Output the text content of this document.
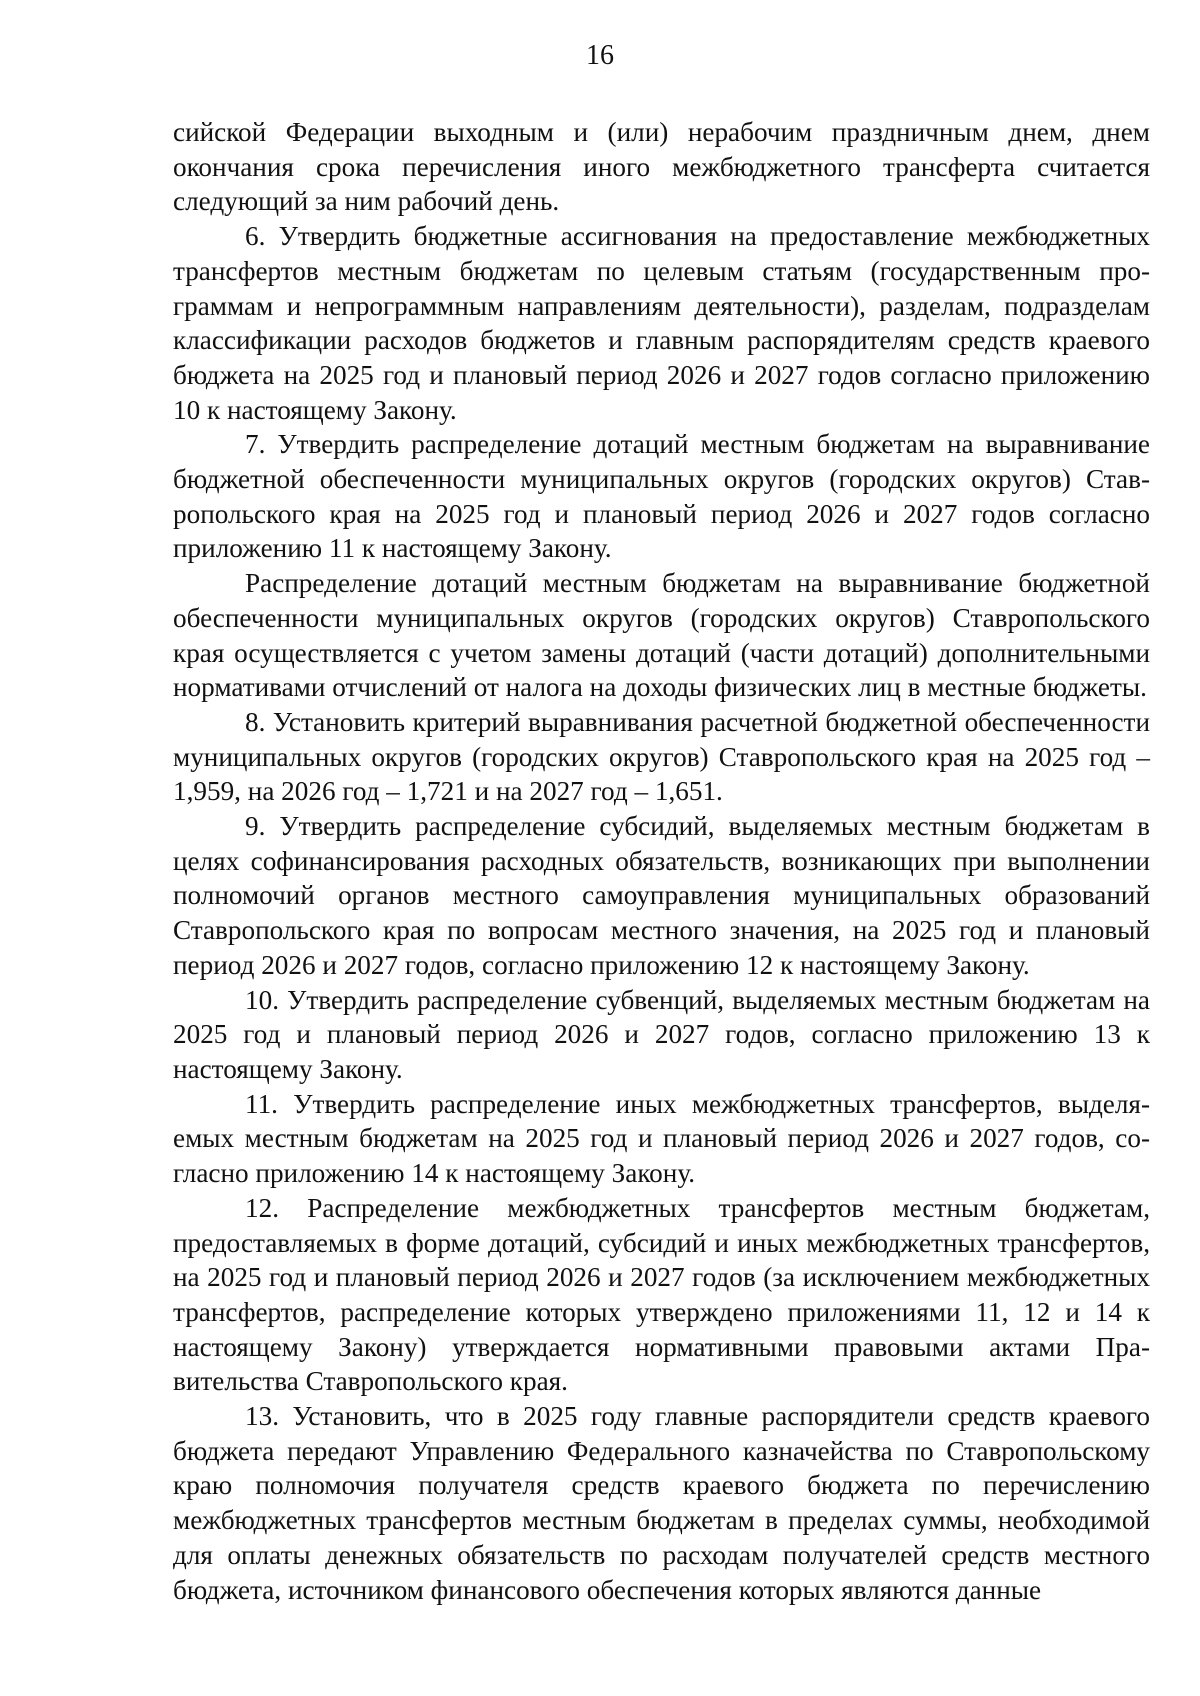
16

сийской Федерации выходным и (или) нерабочим праздничным днем, днем окончания срока перечисления иного межбюджетного трансферта считается следующий за ним рабочий день.

6. Утвердить бюджетные ассигнования на предоставление межбюджетных трансфертов местным бюджетам по целевым статьям (государственным программам и непрограммным направлениям деятельности), разделам, подразделам классификации расходов бюджетов и главным распорядителям средств краевого бюджета на 2025 год и плановый период 2026 и 2027 годов согласно приложению 10 к настоящему Закону.

7. Утвердить распределение дотаций местным бюджетам на выравнивание бюджетной обеспеченности муниципальных округов (городских округов) Ставропольского края на 2025 год и плановый период 2026 и 2027 годов согласно приложению 11 к настоящему Закону.

Распределение дотаций местным бюджетам на выравнивание бюджетной обеспеченности муниципальных округов (городских округов) Ставропольского края осуществляется с учетом замены дотаций (части дотаций) дополнительными нормативами отчислений от налога на доходы физических лиц в местные бюджеты.

8. Установить критерий выравнивания расчетной бюджетной обеспеченности муниципальных округов (городских округов) Ставропольского края на 2025 год – 1,959, на 2026 год – 1,721 и на 2027 год – 1,651.

9. Утвердить распределение субсидий, выделяемых местным бюджетам в целях софинансирования расходных обязательств, возникающих при выполнении полномочий органов местного самоуправления муниципальных образований Ставропольского края по вопросам местного значения, на 2025 год и плановый период 2026 и 2027 годов, согласно приложению 12 к настоящему Закону.

10. Утвердить распределение субвенций, выделяемых местным бюджетам на 2025 год и плановый период 2026 и 2027 годов, согласно приложению 13 к настоящему Закону.

11. Утвердить распределение иных межбюджетных трансфертов, выделяемых местным бюджетам на 2025 год и плановый период 2026 и 2027 годов, согласно приложению 14 к настоящему Закону.

12. Распределение межбюджетных трансфертов местным бюджетам, предоставляемых в форме дотаций, субсидий и иных межбюджетных трансфертов, на 2025 год и плановый период 2026 и 2027 годов (за исключением межбюджетных трансфертов, распределение которых утверждено приложениями 11, 12 и 14 к настоящему Закону) утверждается нормативными правовыми актами Правительства Ставропольского края.

13. Установить, что в 2025 году главные распорядители средств краевого бюджета передают Управлению Федерального казначейства по Ставропольскому краю полномочия получателя средств краевого бюджета по перечислению межбюджетных трансфертов местным бюджетам в пределах суммы, необходимой для оплаты денежных обязательств по расходам получателей средств местного бюджета, источником финансового обеспечения которых являются данные
